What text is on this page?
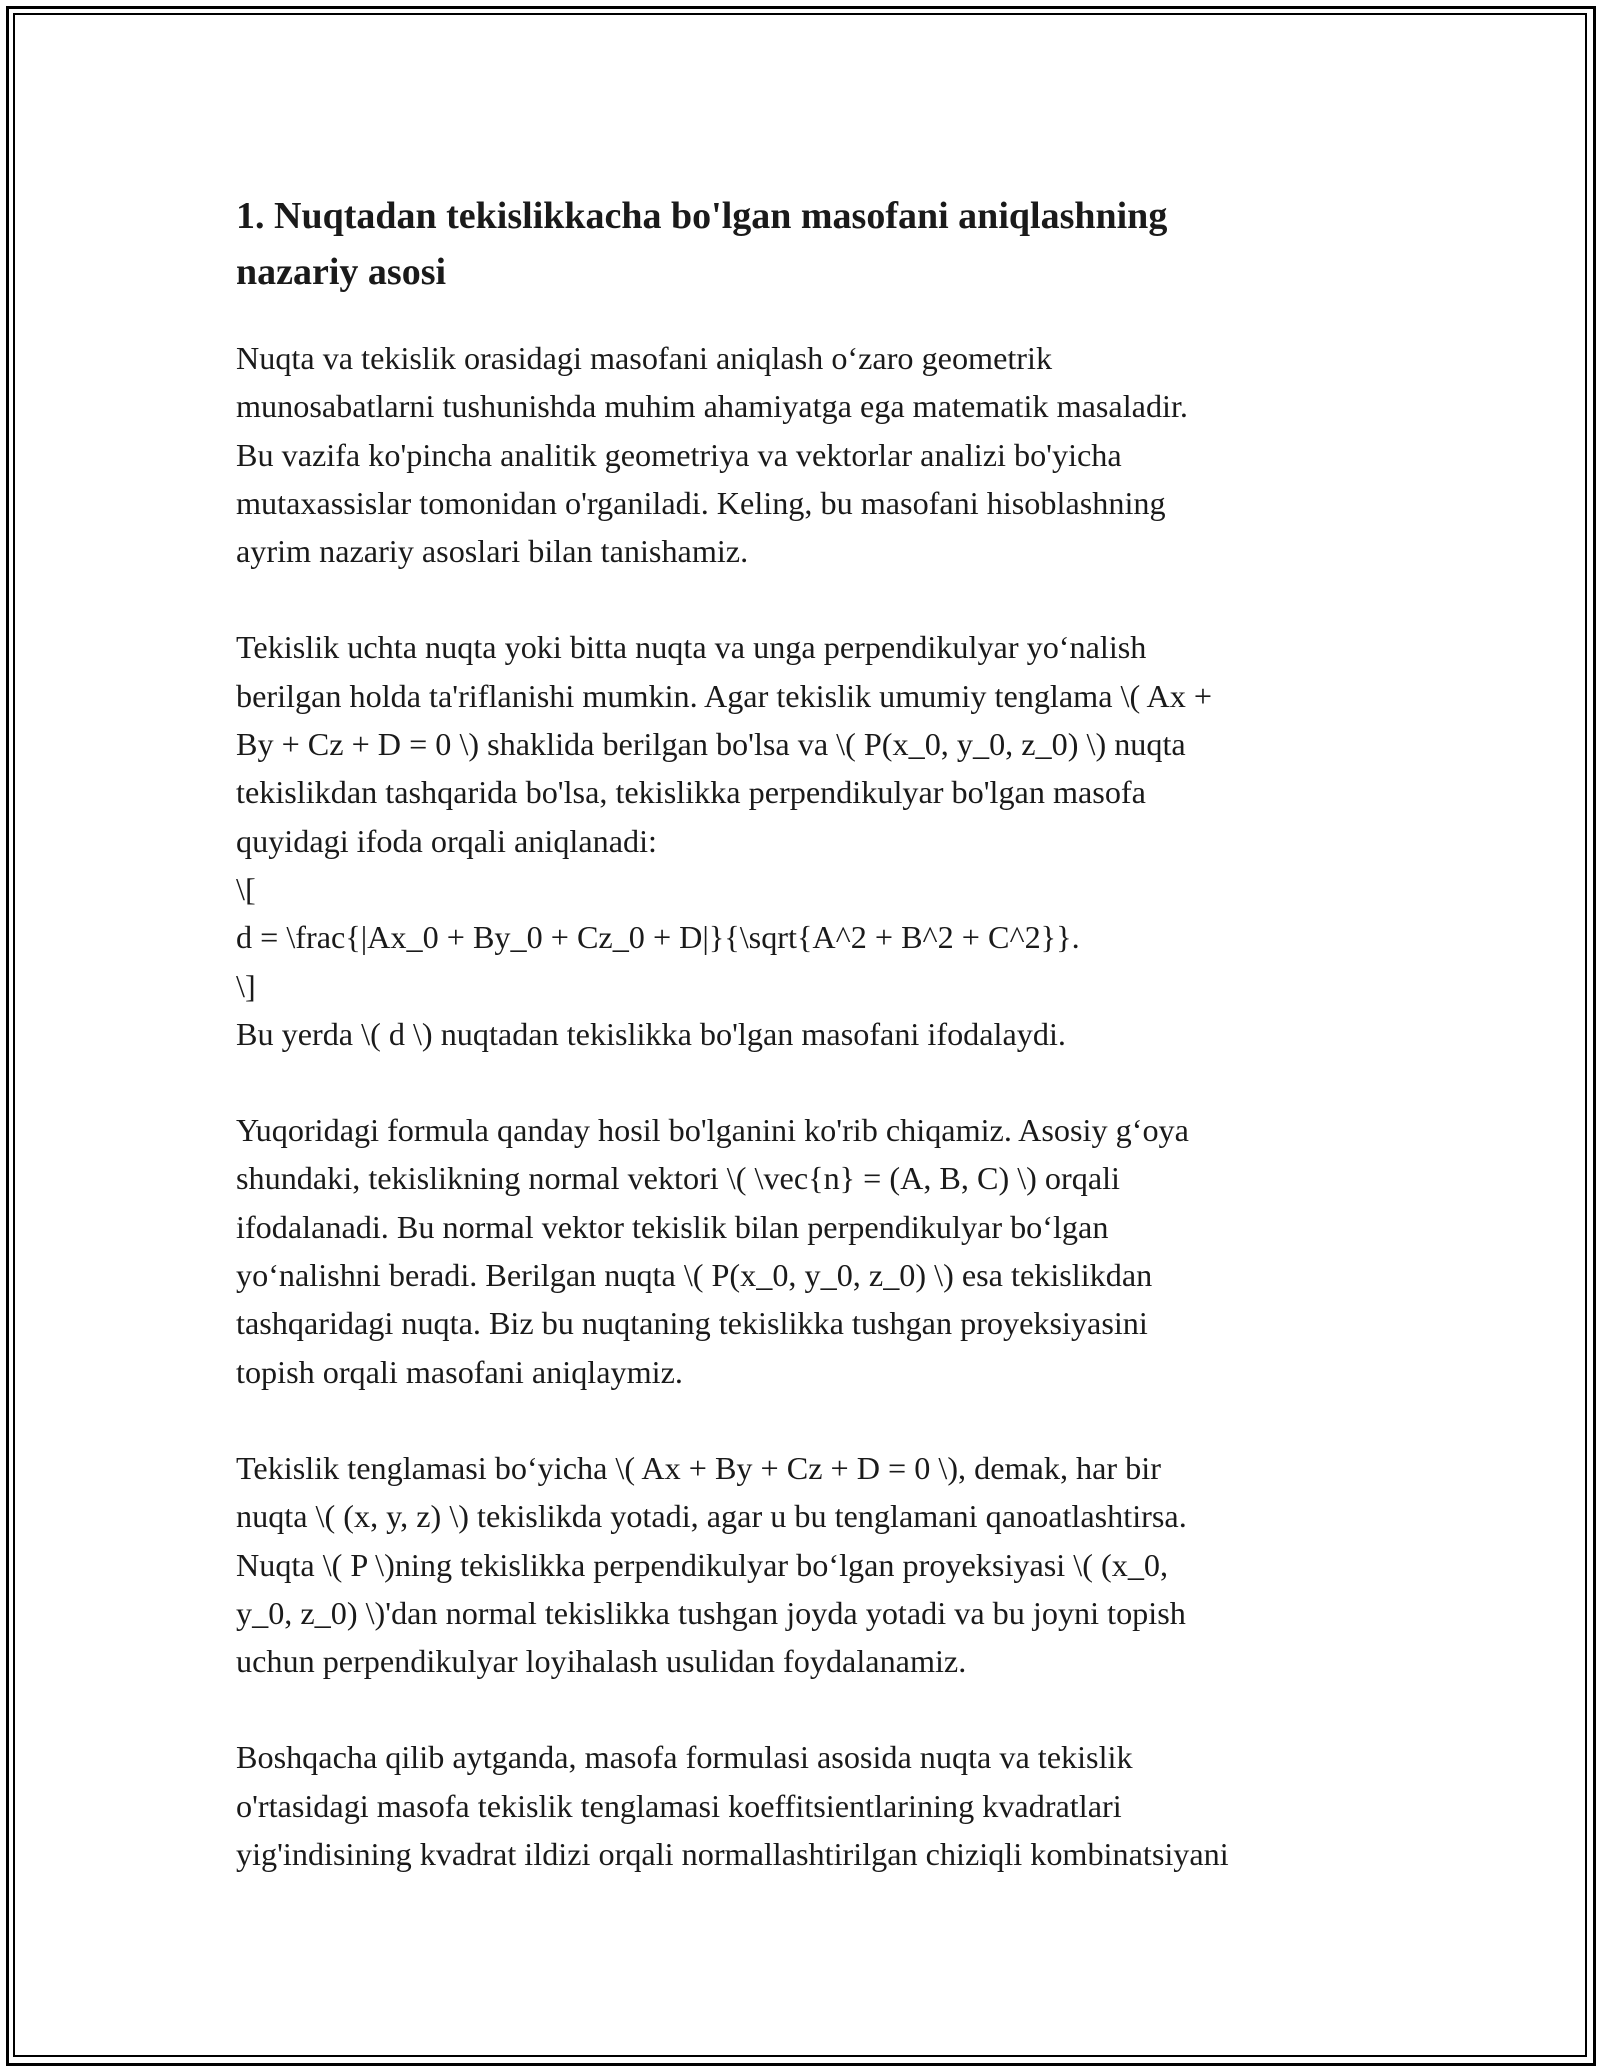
1. Nuqtadan tekislikkacha bo'lgan masofani aniqlashning
nazariy asosi

Nuqta va tekislik orasidagi masofani aniqlash o‘zaro geometrik
munosabatlarni tushunishda muhim ahamiyatga ega matematik masaladir.
Bu vazifa ko'pincha analitik geometriya va vektorlar analizi bo'yicha
mutaxassislar tomonidan o'rganiladi. Keling, bu masofani hisoblashning
ayrim nazariy asoslari bilan tanishamiz.

Tekislik uchta nuqta yoki bitta nuqta va unga perpendikulyar yo‘nalish
berilgan holda ta'riflanishi mumkin. Agar tekislik umumiy tenglama \( Ax +
By + Cz + D = 0 \) shaklida berilgan bo'lsa va \( P(x_0, y_0, z_0) \) nuqta
tekislikdan tashqarida bo'lsa, tekislikka perpendikulyar bo'lgan masofa
quyidagi ifoda orqali aniqlanadi:
\[
d = \frac{|Ax_0 + By_0 + Cz_0 + D|}{\sqrt{A^2 + B^2 + C^2}}.
\]
Bu yerda \( d \) nuqtadan tekislikka bo'lgan masofani ifodalaydi.

Yuqoridagi formula qanday hosil bo'lganini ko'rib chiqamiz. Asosiy g‘oya
shundaki, tekislikning normal vektori \( \vec{n} = (A, B, C) \) orqali
ifodalanadi. Bu normal vektor tekislik bilan perpendikulyar bo‘lgan
yo‘nalishni beradi. Berilgan nuqta \( P(x_0, y_0, z_0) \) esa tekislikdan
tashqaridagi nuqta. Biz bu nuqtaning tekislikka tushgan proyeksiyasini
topish orqali masofani aniqlaymiz.

Tekislik tenglamasi bo‘yicha \( Ax + By + Cz + D = 0 \), demak, har bir
nuqta \( (x, y, z) \) tekislikda yotadi, agar u bu tenglamani qanoatlashtirsa.
Nuqta \( P \)ning tekislikka perpendikulyar bo‘lgan proyeksiyasi \( (x_0,
y_0, z_0) \)'dan normal tekislikka tushgan joyda yotadi va bu joyni topish
uchun perpendikulyar loyihalash usulidan foydalanamiz.

Boshqacha qilib aytganda, masofa formulasi asosida nuqta va tekislik
o'rtasidagi masofa tekislik tenglamasi koeffitsientlarining kvadratlari
yig'indisining kvadrat ildizi orqali normallashtirilgan chiziqli kombinatsiyani
